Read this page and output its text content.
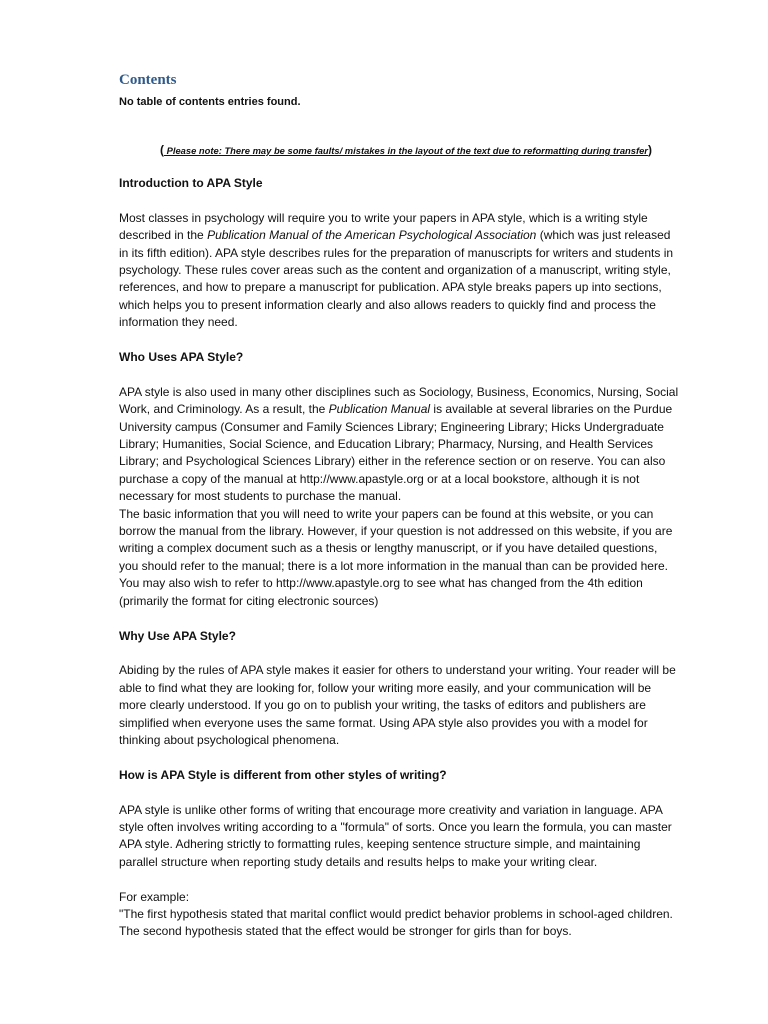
Contents
No table of contents entries found.
( Please note: There may be some faults/ mistakes in the layout of the text due to reformatting during transfer)

Introduction to APA Style

Most classes in psychology will require you to write your papers in APA style, which is a writing style described in the Publication Manual of the American Psychological Association (which was just released in its fifth edition). APA style describes rules for the preparation of manuscripts for writers and students in psychology. These rules cover areas such as the content and organization of a manuscript, writing style, references, and how to prepare a manuscript for publication. APA style breaks papers up into sections, which helps you to present information clearly and also allows readers to quickly find and process the information they need.

Who Uses APA Style?

APA style is also used in many other disciplines such as Sociology, Business, Economics, Nursing, Social Work, and Criminology. As a result, the Publication Manual is available at several libraries on the Purdue University campus (Consumer and Family Sciences Library; Engineering Library; Hicks Undergraduate Library; Humanities, Social Science, and Education Library; Pharmacy, Nursing, and Health Services Library; and Psychological Sciences Library) either in the reference section or on reserve. You can also purchase a copy of the manual at http://www.apastyle.org or at a local bookstore, although it is not necessary for most students to purchase the manual.

The basic information that you will need to write your papers can be found at this website, or you can borrow the manual from the library. However, if your question is not addressed on this website, if you are writing a complex document such as a thesis or lengthy manuscript, or if you have detailed questions, you should refer to the manual; there is a lot more information in the manual than can be provided here. You may also wish to refer to http://www.apastyle.org to see what has changed from the 4th edition (primarily the format for citing electronic sources)

Why Use APA Style?

Abiding by the rules of APA style makes it easier for others to understand your writing. Your reader will be able to find what they are looking for, follow your writing more easily, and your communication will be more clearly understood. If you go on to publish your writing, the tasks of editors and publishers are simplified when everyone uses the same format. Using APA style also provides you with a model for thinking about psychological phenomena.

How is APA Style is different from other styles of writing?

APA style is unlike other forms of writing that encourage more creativity and variation in language. APA style often involves writing according to a "formula" of sorts. Once you learn the formula, you can master APA style. Adhering strictly to formatting rules, keeping sentence structure simple, and maintaining parallel structure when reporting study details and results helps to make your writing clear.

For example:

"The first hypothesis stated that marital conflict would predict behavior problems in school-aged children. The second hypothesis stated that the effect would be stronger for girls than for boys.
